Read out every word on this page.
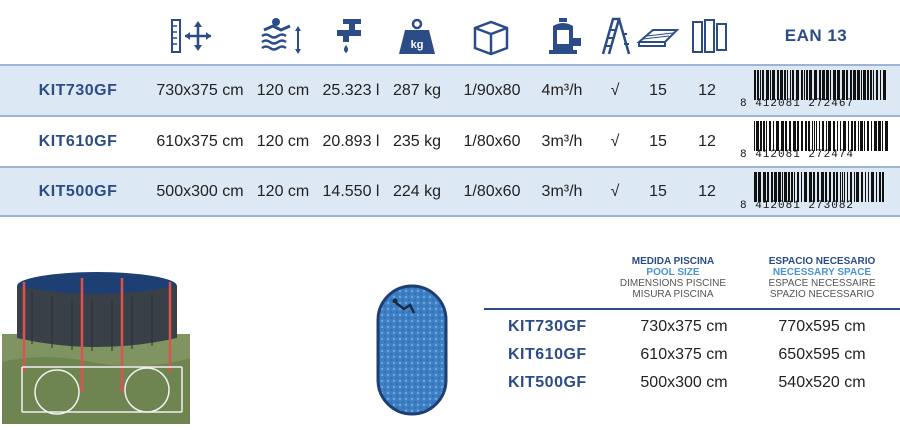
kg	EAN 13
KIT730GF	730x375 cm 120 cm 25.323 l 287 kg	1/90x80	4m³/h	√	15	12
8 412081 272467
KIT610GF	610x375 cm 120 cm 20.893 l 235 kg	1/80x60	3m³/h	√	15	12
8 412081 272474
KIT500GF	500x300 cm 120 cm 14.550 l 224 kg	1/80x60	3m³/h	√	15	12
8 412081 273082
MEDIDA PISCINA
POOL SIZE
DIMENSIONS PISCINE
MISURA PISCINA
ESPACIO NECESARIO
NECESSARY SPACE
ESPACE NECESSAIRE
SPAZIO NECESSARIO
KIT730GF	730x375 cm	770x595 cm
KIT610GF	610x375 cm	650x595 cm
KIT500GF	500x300 cm	540x520 cm
